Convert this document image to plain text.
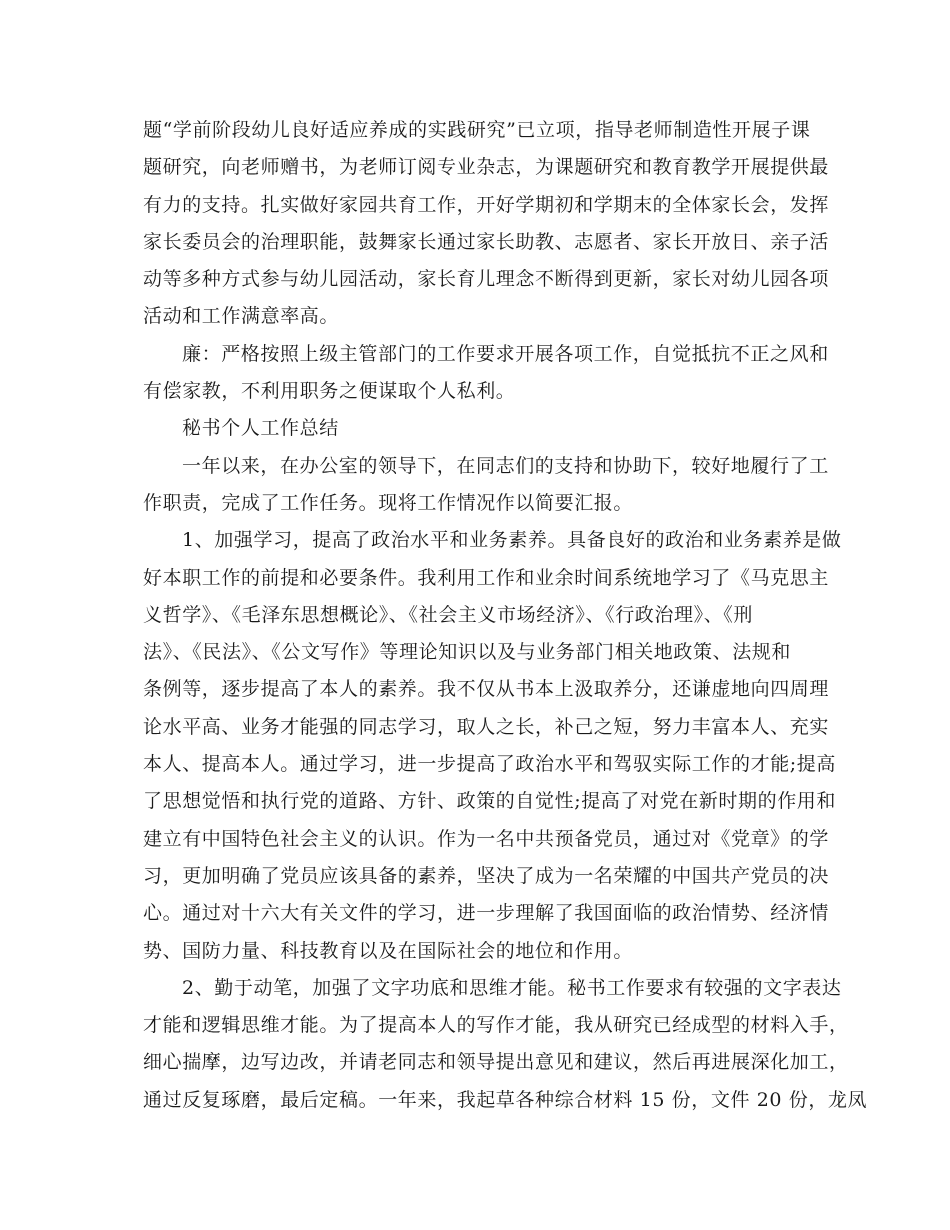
题“学前阶段幼儿良好适应养成的实践研究”已立项，指导老师制造性开展子课
题研究，向老师赠书，为老师订阅专业杂志，为课题研究和教育教学开展提供最
有力的支持。扎实做好家园共育工作，开好学期初和学期末的全体家长会，发挥
家长委员会的治理职能，鼓舞家长通过家长助教、志愿者、家长开放日、亲子活
动等多种方式参与幼儿园活动，家长育儿理念不断得到更新，家长对幼儿园各项
活动和工作满意率高。
廉：严格按照上级主管部门的工作要求开展各项工作，自觉抵抗不正之风和
有偿家教，不利用职务之便谋取个人私利。
秘书个人工作总结
一年以来，在办公室的领导下，在同志们的支持和协助下，较好地履行了工
作职责，完成了工作任务。现将工作情况作以简要汇报。
1、加强学习，提高了政治水平和业务素养。具备良好的政治和业务素养是做
好本职工作的前提和必要条件。我利用工作和业余时间系统地学习了《马克思主
义哲学》、《毛泽东思想概论》、《社会主义市场经济》、《行政治理》、《刑
法》、《民法》、《公文写作》等理论知识以及与业务部门相关地政策、法规和
条例等，逐步提高了本人的素养。我不仅从书本上汲取养分，还谦虚地向四周理
论水平高、业务才能强的同志学习，取人之长，补己之短，努力丰富本人、充实
本人、提高本人。通过学习，进一步提高了政治水平和驾驭实际工作的才能;提高
了思想觉悟和执行党的道路、方针、政策的自觉性;提高了对党在新时期的作用和
建立有中国特色社会主义的认识。作为一名中共预备党员，通过对《党章》的学
习，更加明确了党员应该具备的素养，坚决了成为一名荣耀的中国共产党员的决
心。通过对十六大有关文件的学习，进一步理解了我国面临的政治情势、经济情
势、国防力量、科技教育以及在国际社会的地位和作用。
2、勤于动笔，加强了文字功底和思维才能。秘书工作要求有较强的文字表达
才能和逻辑思维才能。为了提高本人的写作才能，我从研究已经成型的材料入手，
细心揣摩，边写边改，并请老同志和领导提出意见和建议，然后再进展深化加工，
通过反复琢磨，最后定稿。一年来，我起草各种综合材料 15 份，文件 20 份，龙凤
